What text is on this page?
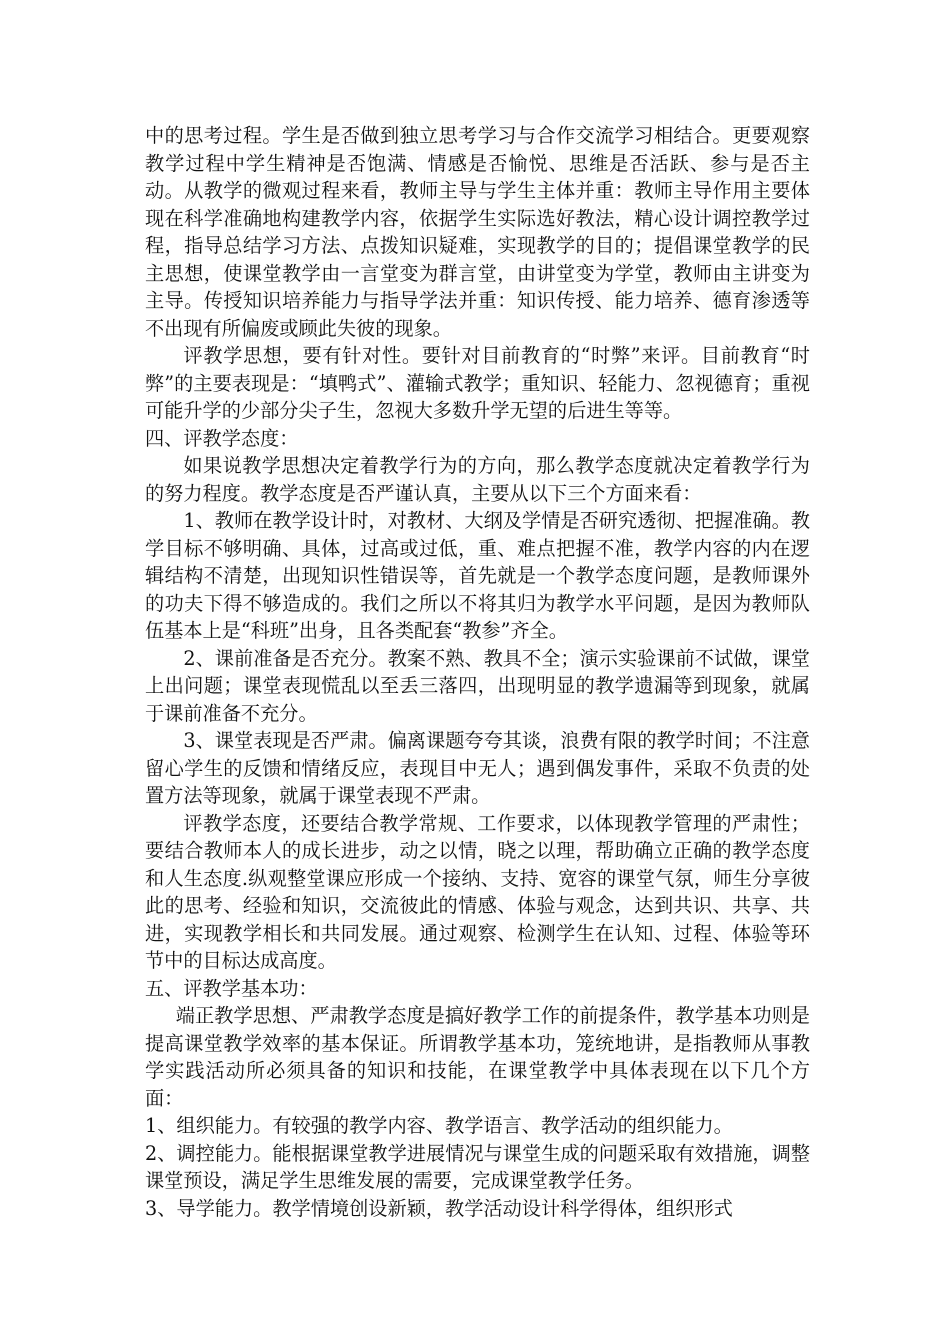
中的思考过程。学生是否做到独立思考学习与合作交流学习相结合。更要观察教学过程中学生精神是否饱满、情感是否愉悦、思维是否活跃、参与是否主动。从教学的微观过程来看，教师主导与学生主体并重：教师主导作用主要体现在科学准确地构建教学内容，依据学生实际选好教法，精心设计调控教学过程，指导总结学习方法、点拨知识疑难，实现教学的目的；提倡课堂教学的民主思想，使课堂教学由一言堂变为群言堂，由讲堂变为学堂，教师由主讲变为主导。传授知识培养能力与指导学法并重：知识传授、能力培养、德育渗透等不出现有所偏废或顾此失彼的现象。

评教学思想，要有针对性。要针对目前教育的“时弊”来评。目前教育“时弊”的主要表现是：“填鸭式”、灌输式教学；重知识、轻能力、忽视德育；重视可能升学的少部分尖子生，忽视大多数升学无望的后进生等等。

四、评教学态度：

如果说教学思想决定着教学行为的方向，那么教学态度就决定着教学行为的努力程度。教学态度是否严谨认真，主要从以下三个方面来看：

1、教师在教学设计时，对教材、大纲及学情是否研究透彻、把握准确。教学目标不够明确、具体，过高或过低，重、难点把握不准，教学内容的内在逻辑结构不清楚，出现知识性错误等，首先就是一个教学态度问题，是教师课外的功夫下得不够造成的。我们之所以不将其归为教学水平问题，是因为教师队伍基本上是“科班”出身，且各类配套“教参”齐全。

2、课前准备是否充分。教案不熟、教具不全；演示实验课前不试做，课堂上出问题；课堂表现慌乱以至丢三落四，出现明显的教学遗漏等到现象，就属于课前准备不充分。

3、课堂表现是否严肃。偏离课题夸夸其谈，浪费有限的教学时间；不注意留心学生的反馈和情绪反应，表现目中无人；遇到偶发事件，采取不负责的处置方法等现象，就属于课堂表现不严肃。

评教学态度，还要结合教学常规、工作要求，以体现教学管理的严肃性；要结合教师本人的成长进步，动之以情，晓之以理，帮助确立正确的教学态度和人生态度.纵观整堂课应形成一个接纳、支持、宽容的课堂气氛，师生分享彼此的思考、经验和知识，交流彼此的情感、体验与观念，达到共识、共享、共进，实现教学相长和共同发展。通过观察、检测学生在认知、过程、体验等环节中的目标达成高度。

五、评教学基本功：

端正教学思想、严肃教学态度是搞好教学工作的前提条件，教学基本功则是提高课堂教学效率的基本保证。所谓教学基本功，笼统地讲，是指教师从事教学实践活动所必须具备的知识和技能，在课堂教学中具体表现在以下几个方面：

1、组织能力。有较强的教学内容、教学语言、教学活动的组织能力。

2、调控能力。能根据课堂教学进展情况与课堂生成的问题采取有效措施，调整课堂预设，满足学生思维发展的需要，完成课堂教学任务。

3、导学能力。教学情境创设新颖，教学活动设计科学得体，组织形式
